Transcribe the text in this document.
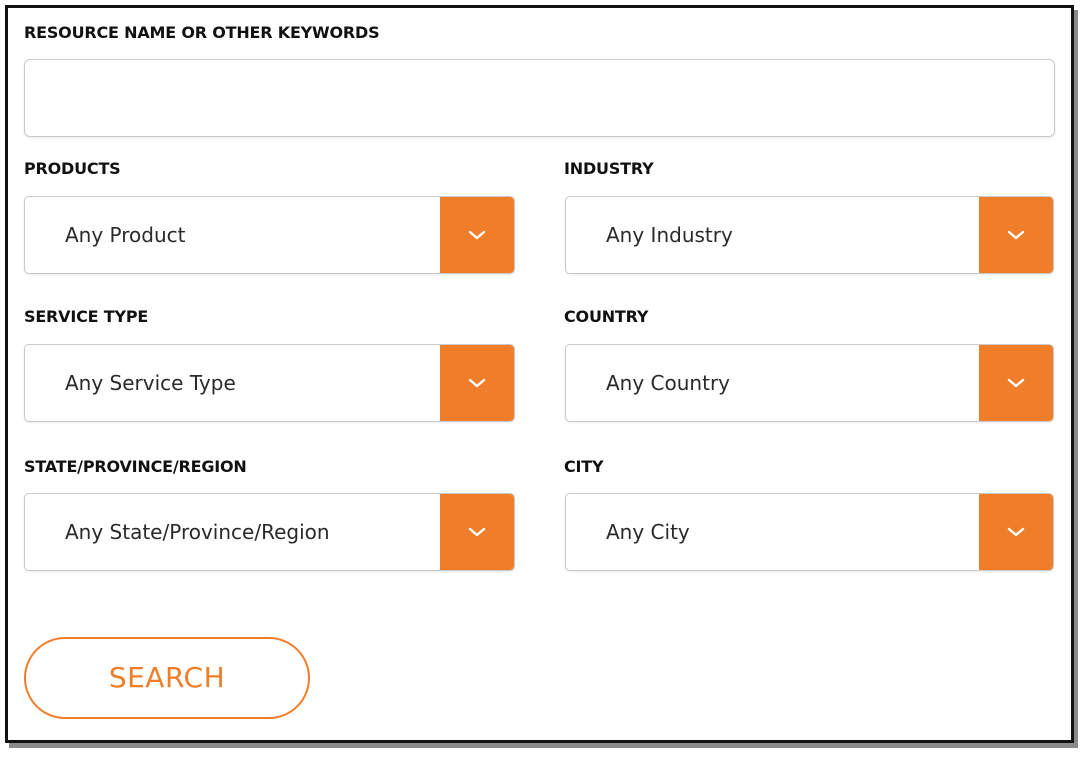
RESOURCE NAME OR OTHER KEYWORDS
PRODUCTS
Any Product
INDUSTRY
Any Industry
SERVICE TYPE
Any Service Type
COUNTRY
Any Country
STATE/PROVINCE/REGION
Any State/Province/Region
CITY
Any City
SEARCH
